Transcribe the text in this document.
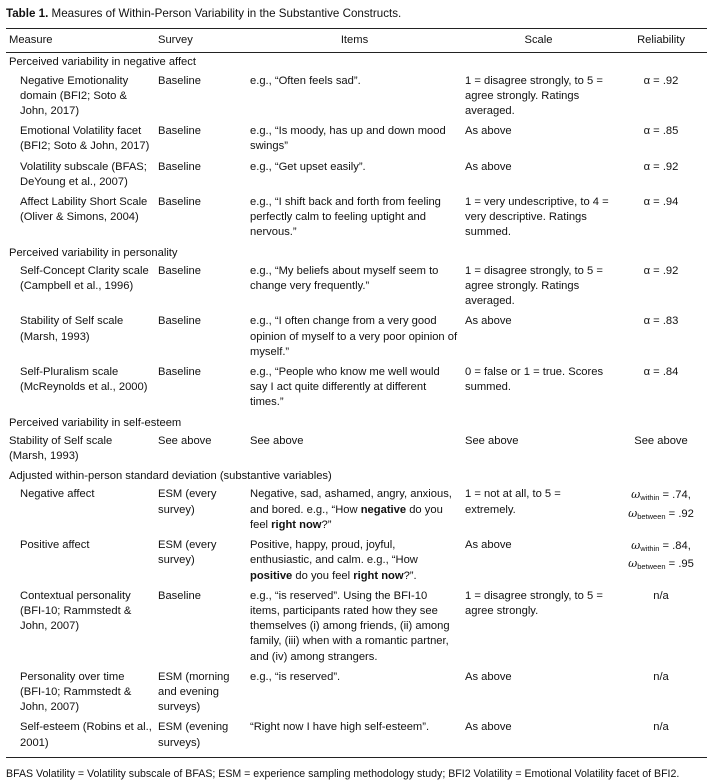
Table 1. Measures of Within-Person Variability in the Substantive Constructs.
Measure	Survey	Items	Scale	Reliability
Perceived variability in negative affect				
Negative Emotionality domain (BFI2; Soto & John, 2017)	Baseline	e.g., “Often feels sad”.	1 = disagree strongly, to 5 = agree strongly. Ratings averaged.	α = .92
Emotional Volatility facet (BFI2; Soto & John, 2017)	Baseline	e.g., “Is moody, has up and down mood swings”	As above	α = .85
Volatility subscale (BFAS; DeYoung et al., 2007)	Baseline	e.g., “Get upset easily”.	As above	α = .92
Affect Lability Short Scale (Oliver & Simons, 2004)	Baseline	e.g., “I shift back and forth from feeling perfectly calm to feeling uptight and nervous.”	1 = very undescriptive, to 4 = very descriptive. Ratings summed.	α = .94
Perceived variability in personality				
Self-Concept Clarity scale (Campbell et al., 1996)	Baseline	e.g., “My beliefs about myself seem to change very frequently.”	1 = disagree strongly, to 5 = agree strongly. Ratings averaged.	α = .92
Stability of Self scale (Marsh, 1993)	Baseline	e.g., “I often change from a very good opinion of myself to a very poor opinion of myself.”	As above	α = .83
Self-Pluralism scale (McReynolds et al., 2000)	Baseline	e.g., “People who know me well would say I act quite differently at different times.”	0 = false or 1 = true. Scores summed.	α = .84
Perceived variability in self-esteem				
Stability of Self scale (Marsh, 1993)	See above	See above	See above	See above
Adjusted within-person standard deviation (substantive variables)				
Negative affect	ESM (every survey)	Negative, sad, ashamed, angry, anxious, and bored. e.g., “How negative do you feel right now?”	1 = not at all, to 5 = extremely.	$\omega_{within} = .74$,
$\omega_{between} = .92$

Positive affect	ESM (every survey)	Positive, happy, proud, joyful, enthusiastic, and calm. e.g., “How positive do you feel right now?”.	As above	$\omega_{within} = .84$,
$\omega_{between} = .95$

Contextual personality (BFI-10; Rammstedt & John, 2007)	Baseline	e.g., “is reserved”. Using the BFI-10 items, participants rated how they see themselves (i) among friends, (ii) among family, (iii) when with a romantic partner, and (iv) among strangers.	1 = disagree strongly, to 5 = agree strongly.	n/a
Personality over time (BFI-10; Rammstedt & John, 2007)	ESM (morning and evening surveys)	e.g., “is reserved”.	As above	n/a
Self-esteem (Robins et al., 2001)	ESM (evening surveys)	“Right now I have high self-esteem”.	As above	n/a
BFAS Volatility = Volatility subscale of BFAS; ESM = experience sampling methodology study; BFI2 Volatility = Emotional Volatility facet of BFI2.
